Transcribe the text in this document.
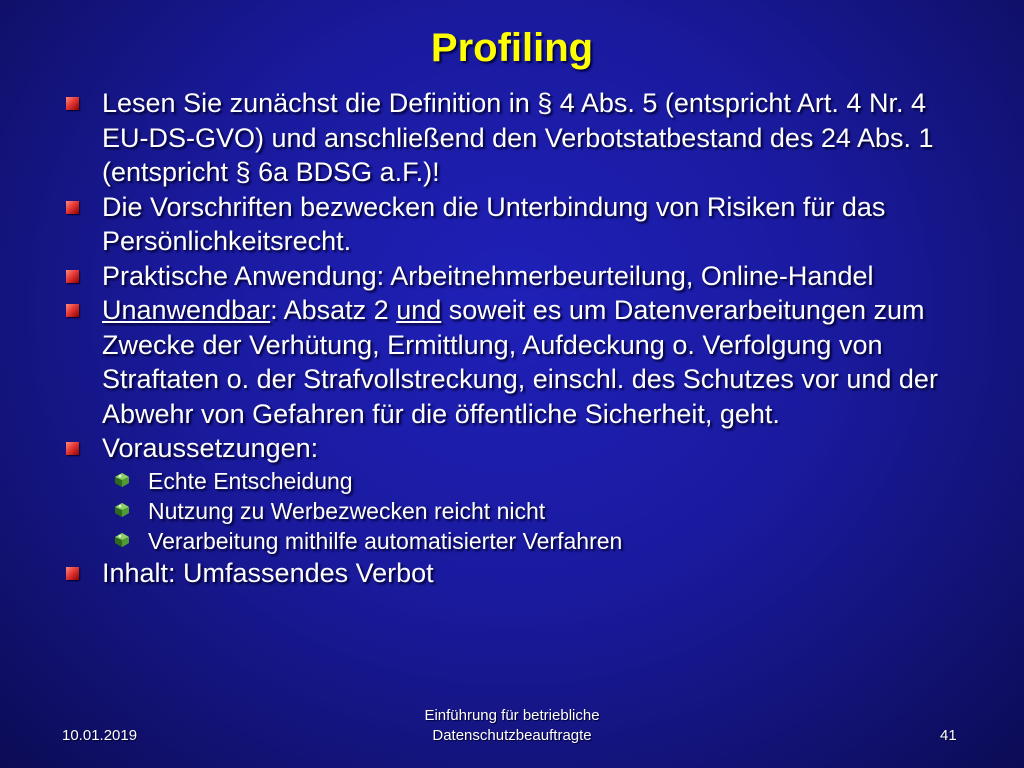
Profiling
Lesen Sie zunächst die Definition in § 4 Abs. 5 (entspricht Art. 4 Nr. 4 EU-DS-GVO) und anschließend den Verbotstatbestand des 24 Abs. 1 (entspricht § 6a BDSG a.F.)!
Die Vorschriften bezwecken die Unterbindung von Risiken für das Persönlichkeitsrecht.
Praktische Anwendung: Arbeitnehmerbeurteilung, Online-Handel
Unanwendbar: Absatz 2 und soweit es um Datenverarbeitungen zum Zwecke der Verhütung, Ermittlung, Aufdeckung o. Verfolgung von Straftaten o. der Strafvollstreckung, einschl. des Schutzes vor und der Abwehr von Gefahren für die öffentliche Sicherheit, geht.
Voraussetzungen:
Echte Entscheidung
Nutzung zu Werbezwecken reicht nicht
Verarbeitung mithilfe automatisierter Verfahren
Inhalt: Umfassendes Verbot
10.01.2019
Einführung für betriebliche
Datenschutzbeauftragte	41
